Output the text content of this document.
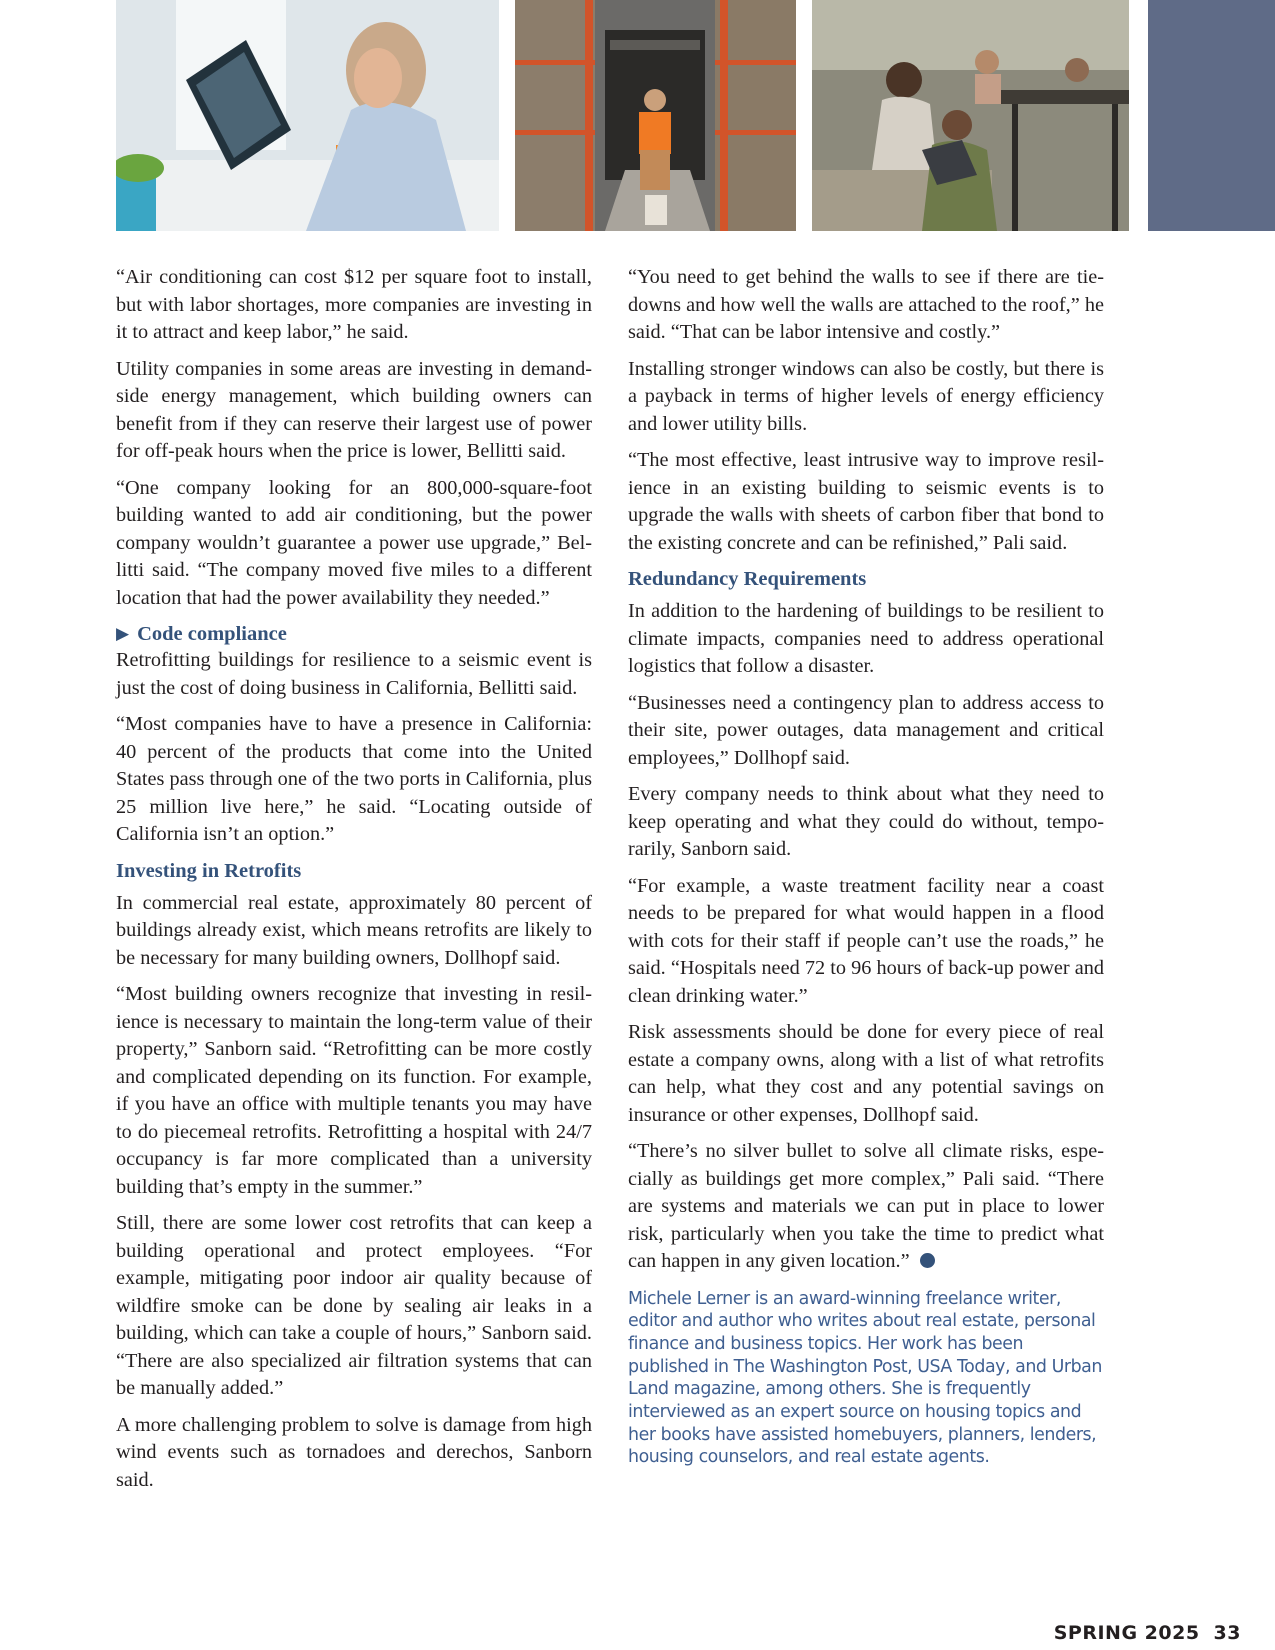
“Air conditioning can cost $12 per square foot to install, but with labor shortages, more companies are investing in it to attract and keep labor,” he said.

Utility companies in some areas are investing in demand-side energy management, which building owners can benefit from if they can reserve their largest use of power for off-peak hours when the price is lower, Bellitti said.

“One company looking for an 800,000-square-foot building wanted to add air conditioning, but the power company wouldn’t guarantee a power use upgrade,” Bellitti said. “The company moved five miles to a different location that had the power availability they needed.”

▶ Code compliance

Retrofitting buildings for resilience to a seismic event is just the cost of doing business in California, Bellitti said.

“Most companies have to have a presence in California: 40 percent of the products that come into the United States pass through one of the two ports in California, plus 25 million live here,” he said. “Locating outside of California isn’t an option.”

Investing in Retrofits

In commercial real estate, approximately 80 percent of buildings already exist, which means retrofits are likely to be necessary for many building owners, Dollhopf said.

“Most building owners recognize that investing in resilience is necessary to maintain the long-term value of their property,” Sanborn said. “Retrofitting can be more costly and complicated depending on its function. For example, if you have an office with multiple tenants you may have to do piecemeal retrofits. Retrofitting a hospital with 24/7 occupancy is far more complicated than a university building that’s empty in the summer.”

Still, there are some lower cost retrofits that can keep a building operational and protect employees. “For example, mitigating poor indoor air quality because of wildfire smoke can be done by sealing air leaks in a building, which can take a couple of hours,” Sanborn said. “There are also specialized air filtration systems that can be manually added.”

A more challenging problem to solve is damage from high wind events such as tornadoes and derechos, Sanborn said.

“You need to get behind the walls to see if there are tie-downs and how well the walls are attached to the roof,” he said. “That can be labor intensive and costly.”

Installing stronger windows can also be costly, but there is a payback in terms of higher levels of energy efficiency and lower utility bills.

“The most effective, least intrusive way to improve resilience in an existing building to seismic events is to upgrade the walls with sheets of carbon fiber that bond to the existing concrete and can be refinished,” Pali said.

Redundancy Requirements

In addition to the hardening of buildings to be resilient to climate impacts, companies need to address operational logistics that follow a disaster.

“Businesses need a contingency plan to address access to their site, power outages, data management and critical employees,” Dollhopf said.

Every company needs to think about what they need to keep operating and what they could do without, temporarily, Sanborn said.

“For example, a waste treatment facility near a coast needs to be prepared for what would happen in a flood with cots for their staff if people can’t use the roads,” he said. “Hospitals need 72 to 96 hours of back-up power and clean drinking water.”

Risk assessments should be done for every piece of real estate a company owns, along with a list of what retrofits can help, what they cost and any potential savings on insurance or other expenses, Dollhopf said.

“There’s no silver bullet to solve all climate risks, especially as buildings get more complex,” Pali said. “There are systems and materials we can put in place to lower risk, particularly when you take the time to predict what can happen in any given location.”

Michele Lerner is an award-winning freelance writer, editor and author who writes about real estate, personal finance and business topics. Her work has been published in The Washington Post, USA Today, and Urban Land magazine, among others. She is frequently interviewed as an expert source on housing topics and her books have assisted homebuyers, planners, lenders, housing counselors, and real estate agents.
SPRING 2025 33
